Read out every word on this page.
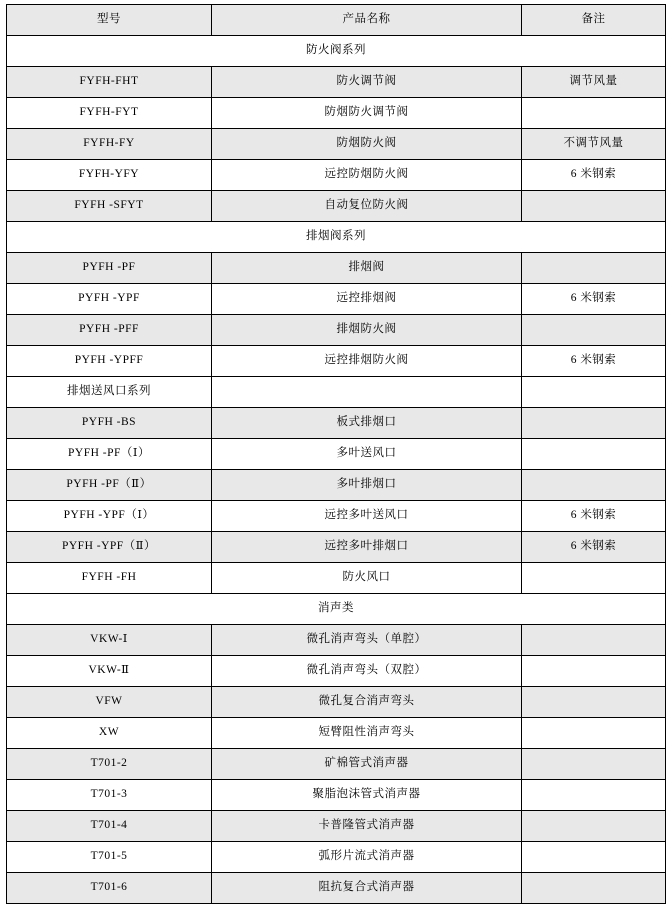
型号	产品名称	备注
防火阀系列		
FYFH-FHT	防火调节阀	调节风量
FYFH-FYT	防烟防火调节阀	
FYFH-FY	防烟防火阀	不调节风量
FYFH-YFY	远控防烟防火阀	6 米钢索
FYFH -SFYT	自动复位防火阀	
排烟阀系列		
PYFH -PF	排烟阀	
PYFH -YPF	远控排烟阀	6 米钢索
PYFH -PFF	排烟防火阀	
PYFH -YPFF	远控排烟防火阀	6 米钢索
排烟送风口系列		
PYFH -BS	板式排烟口	
PYFH -PF（Ⅰ）	多叶送风口	
PYFH -PF（Ⅱ）	多叶排烟口	
PYFH -YPF（Ⅰ）	远控多叶送风口	6 米钢索
PYFH -YPF（Ⅱ）	远控多叶排烟口	6 米钢索
FYFH -FH	防火风口	
消声类		
VKW-Ⅰ	微孔消声弯头（单腔）	
VKW-Ⅱ	微孔消声弯头（双腔）	
VFW	微孔复合消声弯头	
XW	短臂阻性消声弯头	
T701-2	矿棉管式消声器	
T701-3	聚脂泡沫管式消声器	
T701-4	卡普隆管式消声器	
T701-5	弧形片流式消声器	
T701-6	阻抗复合式消声器	
